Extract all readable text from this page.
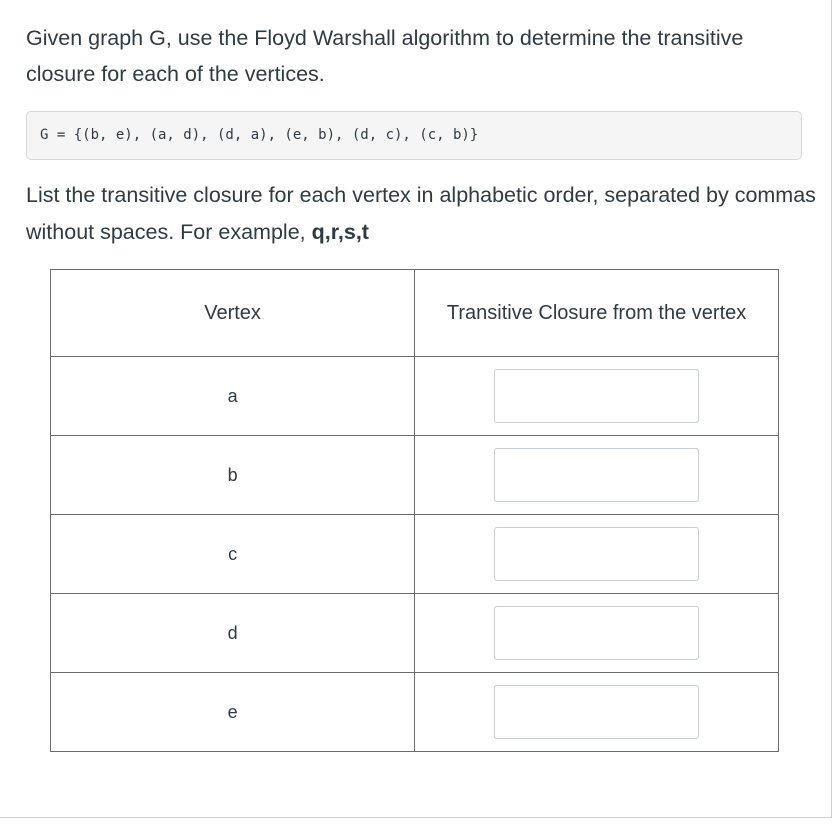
Given graph G, use the Floyd Warshall algorithm to determine the transitive closure for each of the vertices.

G = {(b, e), (a, d), (d, a), (e, b), (d, c), (c, b)}

List the transitive closure for each vertex in alphabetic order, separated by commas without spaces. For example, q,r,s,t

Vertex	Transitive Closure from the vertex
a	
b	
c	
d	
e	
